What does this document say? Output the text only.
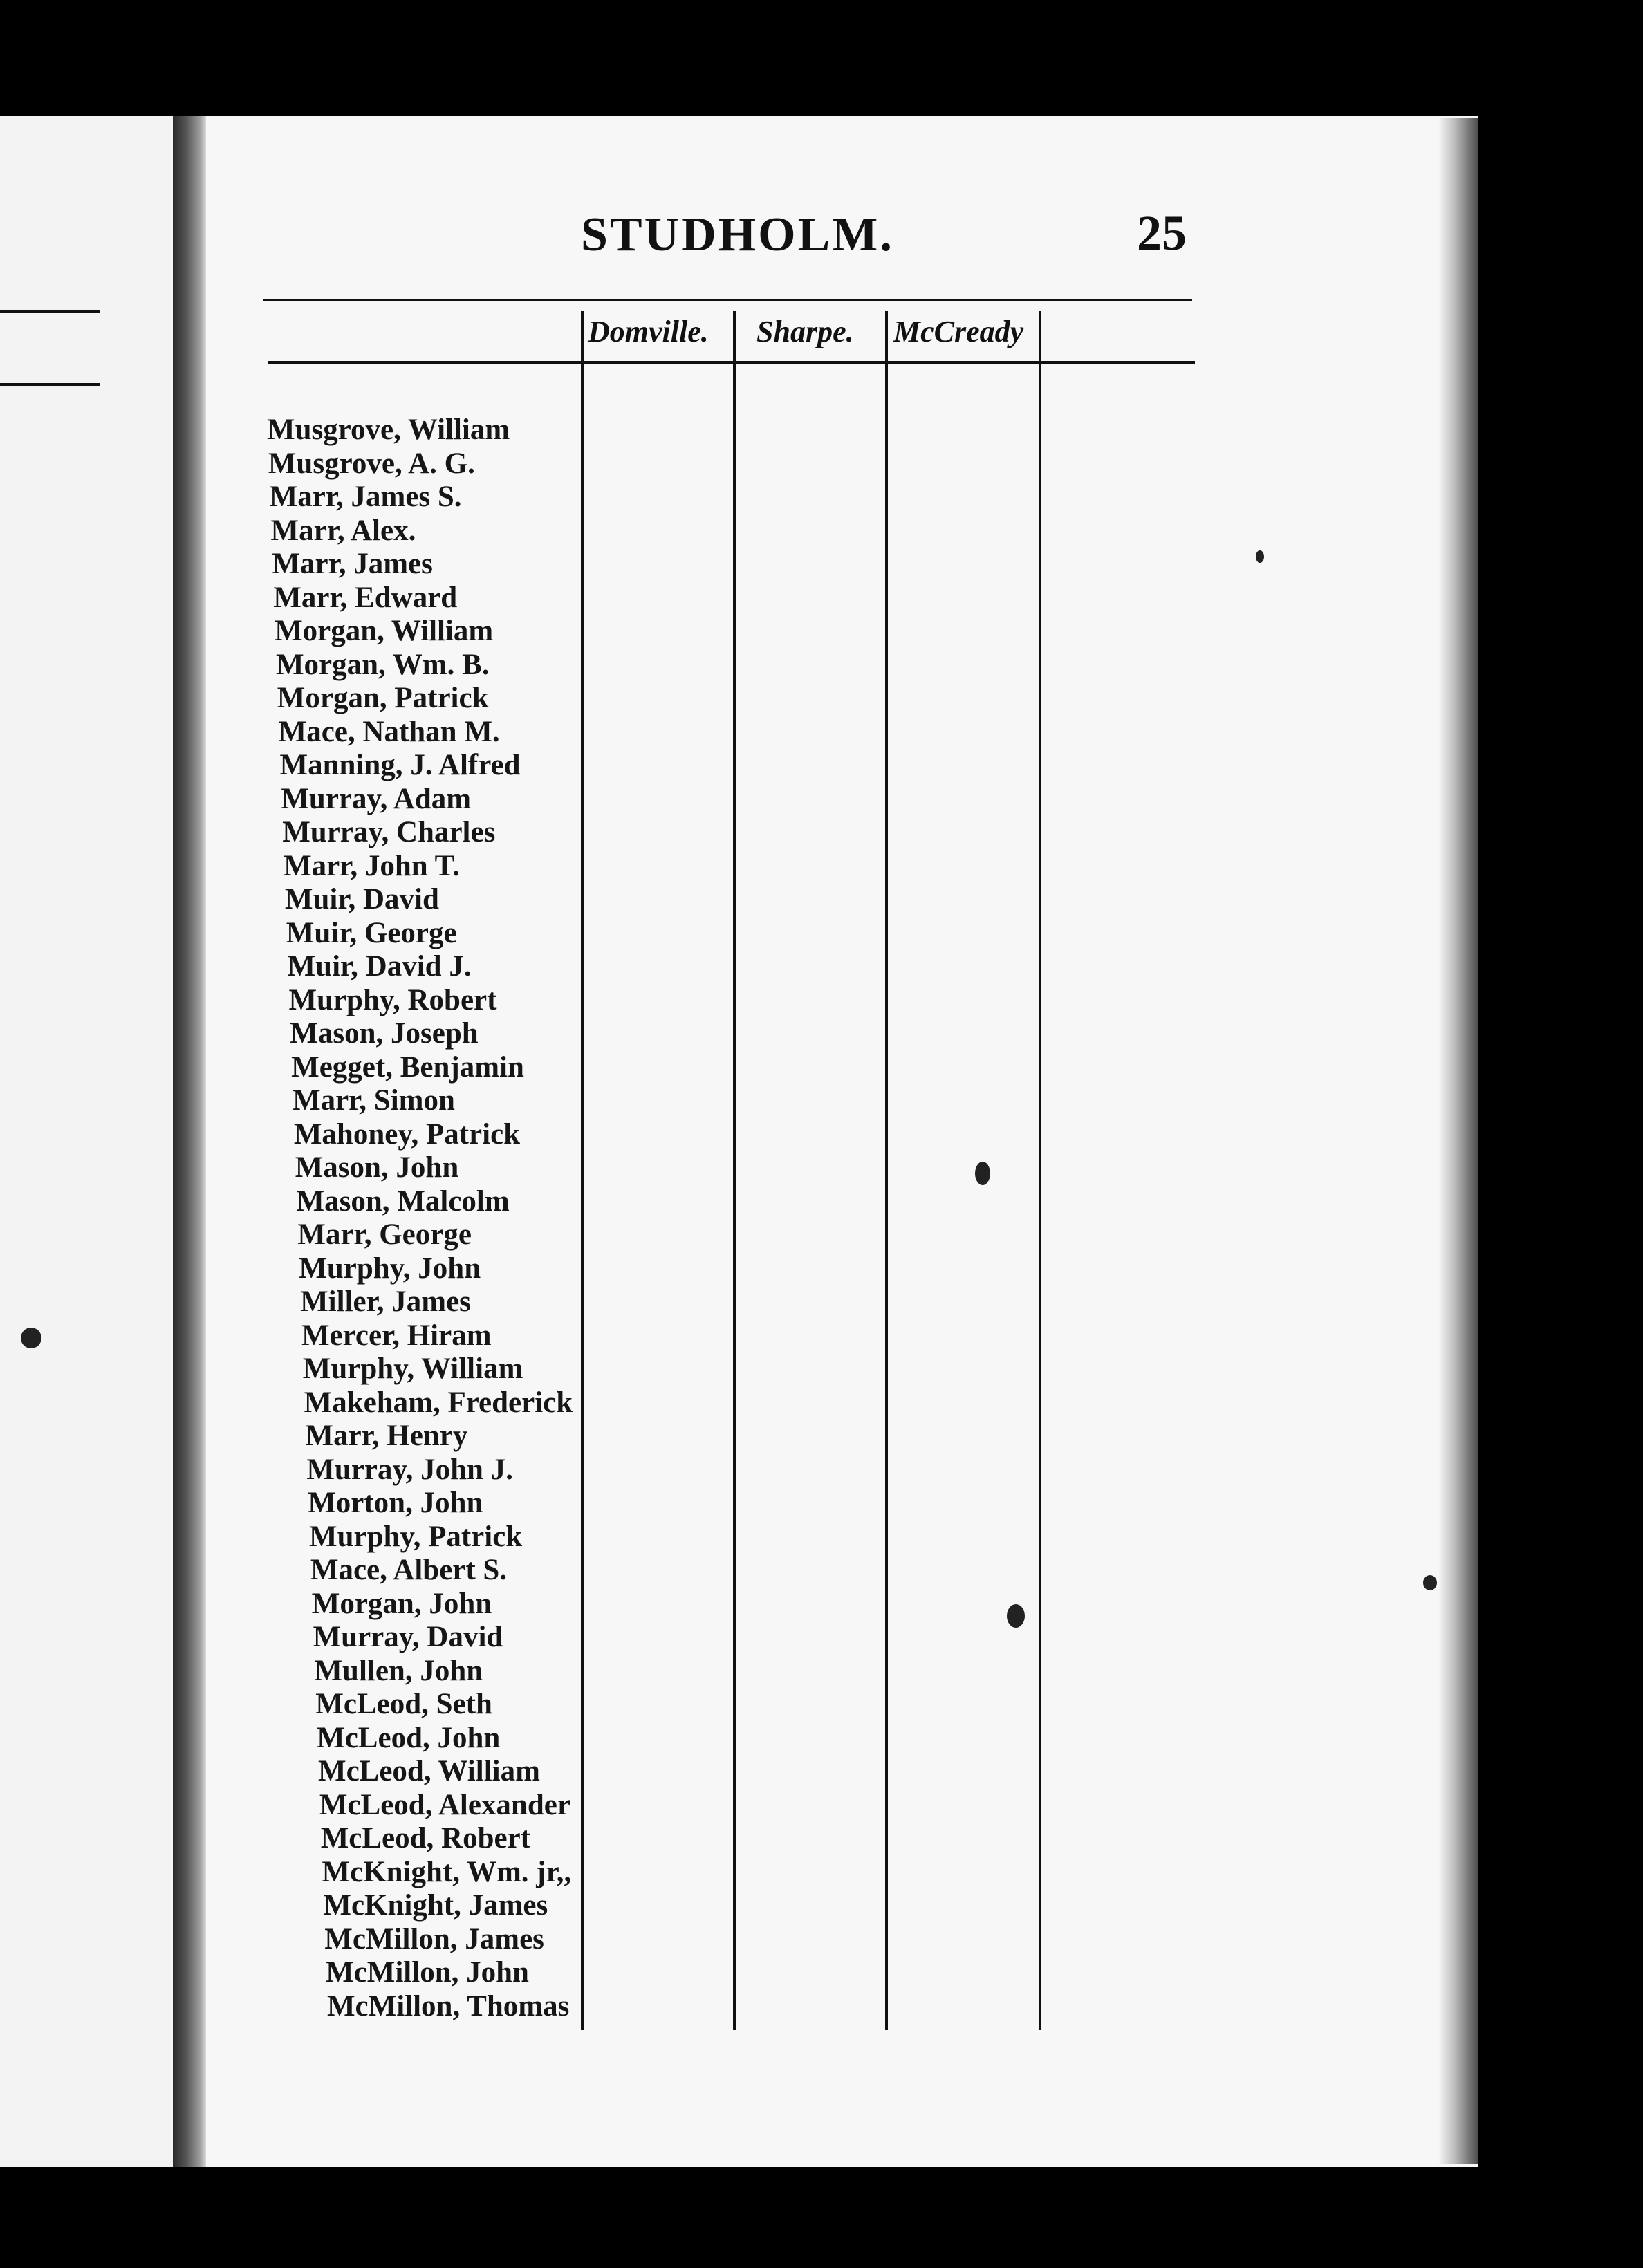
STUDHOLM.	25
Domville. Sharpe. McCready
Musgrove, William
Musgrove, A. G.
Marr, James S.
Marr, Alex.
Marr, James
Marr, Edward
Morgan, William
Morgan, Wm. B.
Morgan, Patrick
Mace, Nathan M.
Manning, J. Alfred
Murray, Adam
Murray, Charles
Marr, John T.
Muir, David
Muir, George
Muir, David J.
Murphy, Robert
Mason, Joseph
Megget, Benjamin
Marr, Simon
Mahoney, Patrick
Mason, John
Mason, Malcolm
Marr, George
Murphy, John
Miller, James
Mercer, Hiram
Murphy, William
Makeham, Frederick
Marr, Henry
Murray, John J.
Morton, John
Murphy, Patrick
Mace, Albert S.
Morgan, John
Murray, David
Mullen, John
McLeod, Seth
McLeod, John
McLeod, William
McLeod, Alexander
McLeod, Robert
McKnight, Wm. jr,,
McKnight, James
McMillon, James
McMillon, John
McMillon, Thomas
